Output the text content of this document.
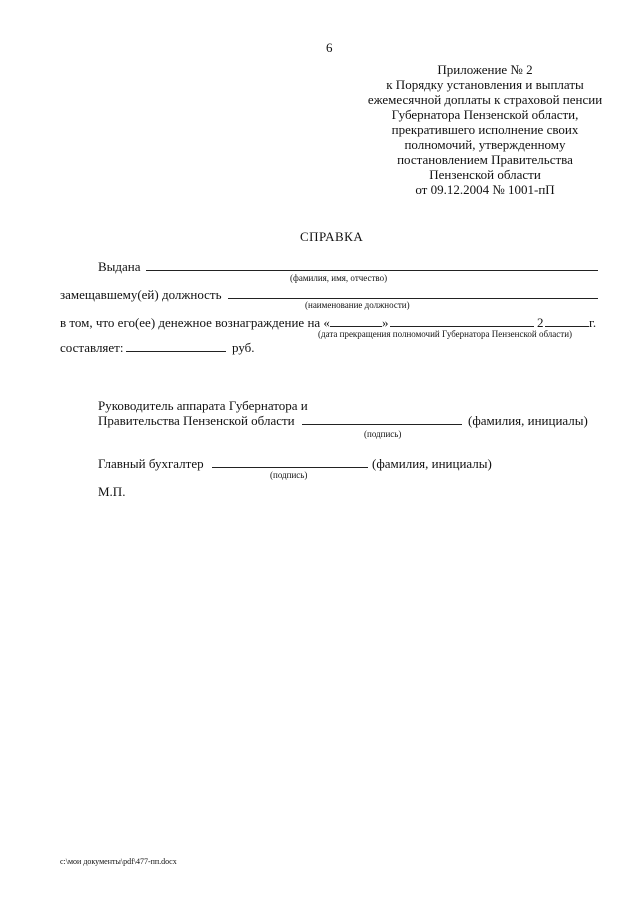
6
Приложение № 2
к Порядку установления и выплаты
ежемесячной доплаты к страховой пенсии
Губернатора Пензенской области,
прекратившего исполнение своих
полномочий, утвержденному
постановлением Правительства
Пензенской области
от 09.12.2004 № 1001-пП
СПРАВКА
Выдана
(фамилия, имя, отчество)
замещавшему(ей) должность
(наименование должности)
в том, что его(ее) денежное вознаграждение на «	»	2	г.
(дата прекращения полномочий Губернатора Пензенской области)
составляет:	руб.
Руководитель аппарата Губернатора и
Правительства Пензенской области	(фамилия, инициалы)
(подпись)
Главный бухгалтер	(фамилия, инициалы)
(подпись)
М.П.
c:\мои документы\pdf\477-пп.docx
